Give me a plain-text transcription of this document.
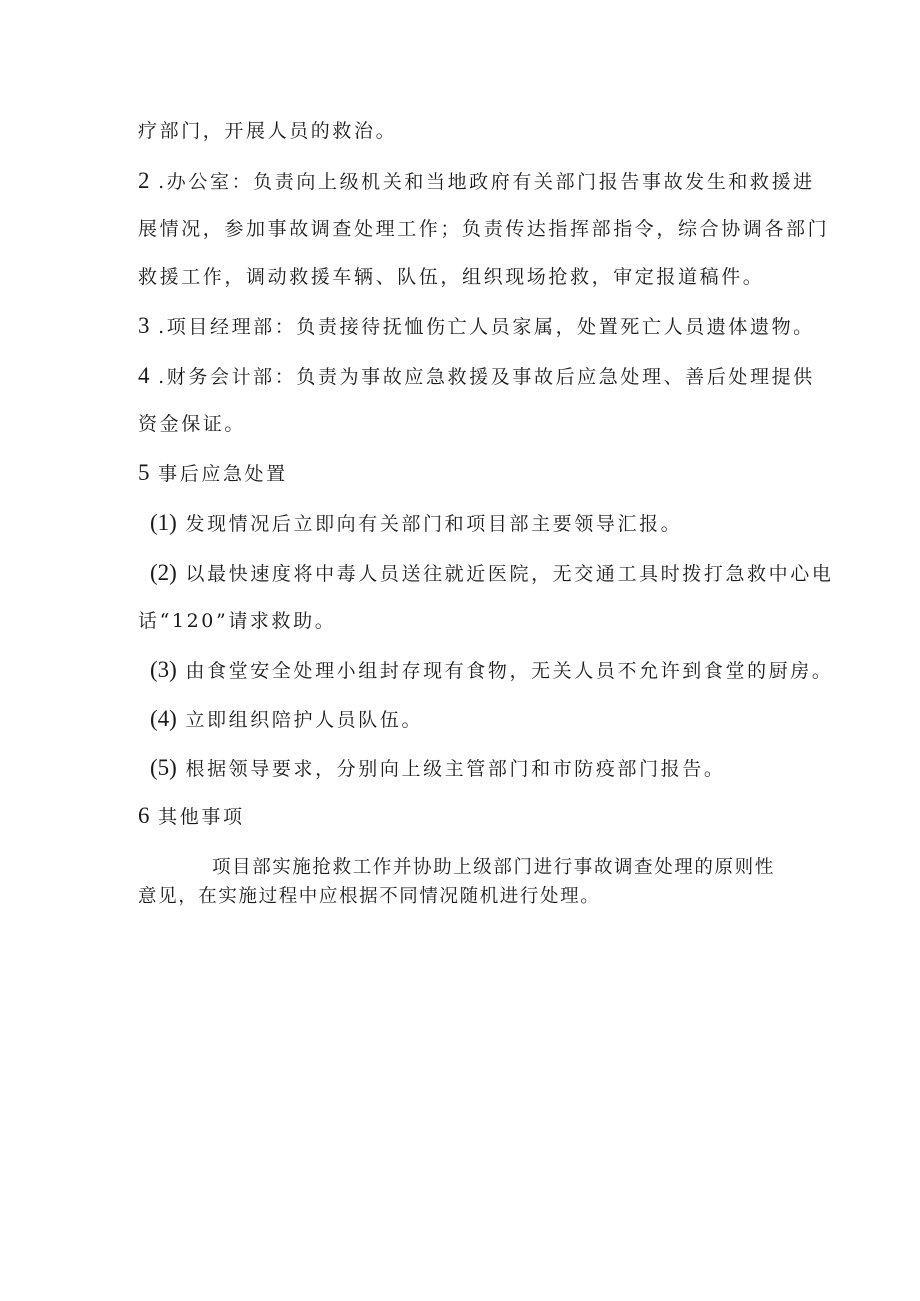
疗部门，开展人员的救治。
2 .办公室：负责向上级机关和当地政府有关部门报告事故发生和救援进
展情况，参加事故调查处理工作；负责传达指挥部指令，综合协调各部门
救援工作，调动救援车辆、队伍，组织现场抢救，审定报道稿件。
3 .项目经理部：负责接待抚恤伤亡人员家属，处置死亡人员遗体遗物。
4 .财务会计部：负责为事故应急救援及事故后应急处理、善后处理提供
资金保证。
5 事后应急处置
(1) 发现情况后立即向有关部门和项目部主要领导汇报。
(2) 以最快速度将中毒人员送往就近医院，无交通工具时拨打急救中心电
话“120”请求救助。
(3) 由食堂安全处理小组封存现有食物，无关人员不允许到食堂的厨房。
(4) 立即组织陪护人员队伍。
(5) 根据领导要求，分别向上级主管部门和市防疫部门报告。
6 其他事项
项目部实施抢救工作并协助上级部门进行事故调查处理的原则性
意见，在实施过程中应根据不同情况随机进行处理。
